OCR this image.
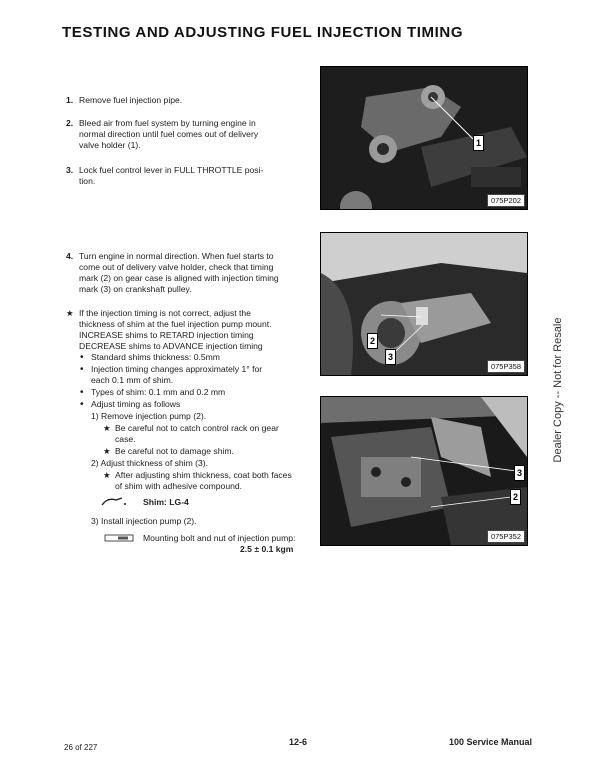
TESTING AND ADJUSTING FUEL INJECTION TIMING
1. Remove fuel injection pipe.
2. Bleed air from fuel system by turning engine in
normal direction until fuel comes out of delivery
valve holder (1).
3. Lock fuel control lever in FULL THROTTLE posi-
tion.
1
075P202
4. Turn engine in normal direction. When fuel starts to
come out of delivery valve holder, check that timing
mark (2) on gear case is aligned with injection timing
mark (3) on crankshaft pulley.
★ If the injection timing is not correct, adjust the
thickness of shim at the fuel injection pump mount.
INCREASE shims to RETARD injection timing
DECREASE shims to ADVANCE injection timing
• Standard shims thickness: 0.5mm
• Injection timing changes approximately 1° for
each 0.1 mm of shim.
• Types of shim: 0.1 mm and 0.2 mm
• Adjust timing as follows
1) Remove injection pump (2).
★ Be careful not to catch control rack on gear
case.
★ Be careful not to damage shim.
2) Adjust thickness of shim (3).
★ After adjusting shim thickness, coat both faces
of shim with adhesive compound.
Shim: LG-4
3) Install injection pump (2).
Mounting bolt and nut of injection pump:
2.5 ± 0.1 kgm
2
3
075P358
3
2
075P352
Dealer Copy -- Not for Resale
26 of 227
12-6	100 Service Manual
